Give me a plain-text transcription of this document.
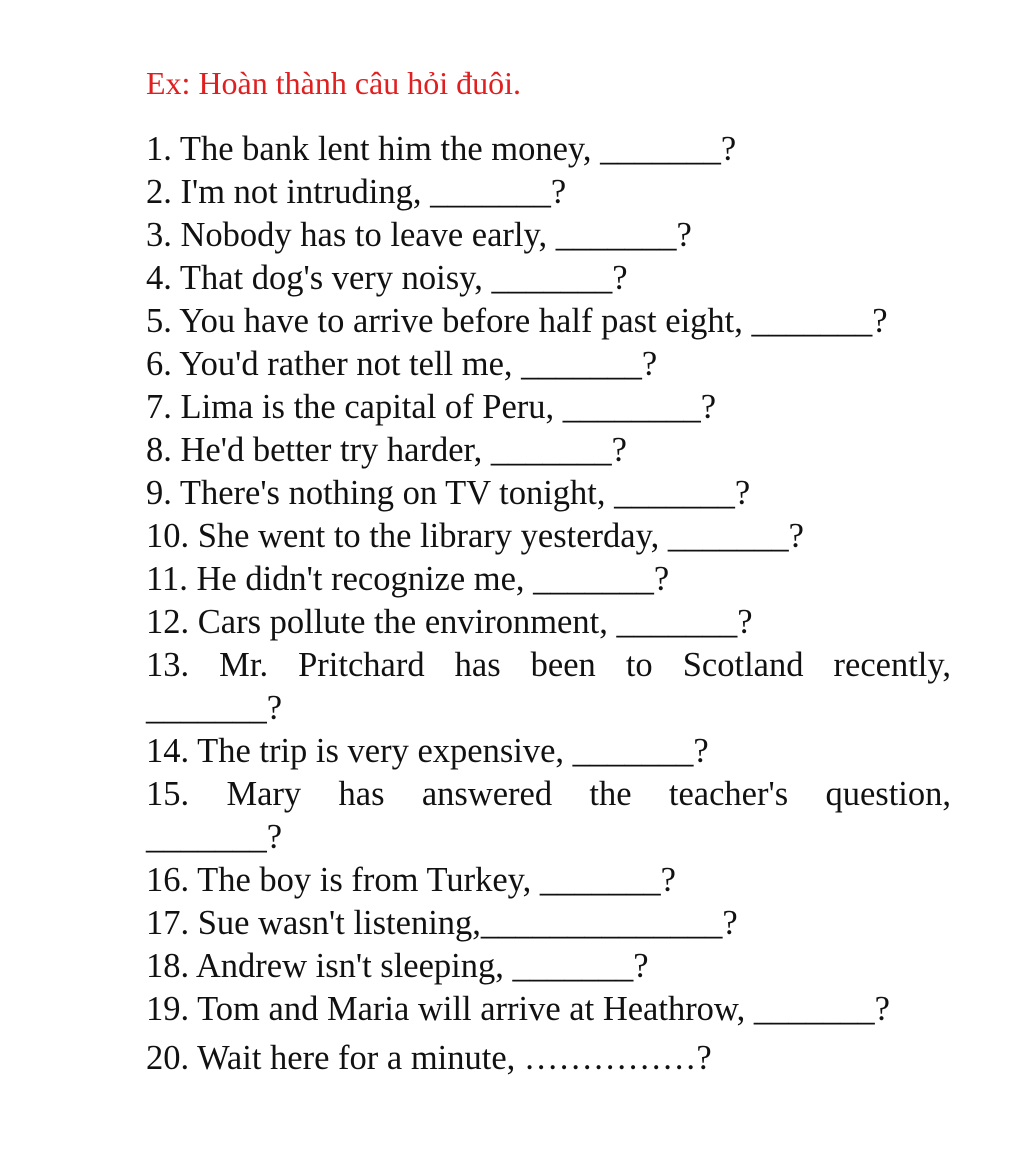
Ex: Hoàn thành câu hỏi đuôi.
1. The bank lent him the money, _______?
2. I'm not intruding, _______?
3. Nobody has to leave early, _______?
4. That dog's very noisy, _______?
5. You have to arrive before half past eight, _______?
6. You'd rather not tell me, _______?
7. Lima is the capital of Peru, ________?
8. He'd better try harder, _______?
9. There's nothing on TV tonight, _______?
10. She went to the library yesterday, _______?
11. He didn't recognize me, _______?
12. Cars pollute the environment, _______?
13. Mr. Pritchard has been to Scotland recently,
_______?
14. The trip is very expensive, _______?
15. Mary has answered the teacher's question,
_______?
16. The boy is from Turkey, _______?
17. Sue wasn't listening,______________?
18. Andrew isn't sleeping, _______?
19. Tom and Maria will arrive at Heathrow, _______?
20. Wait here for a minute, ……………?
